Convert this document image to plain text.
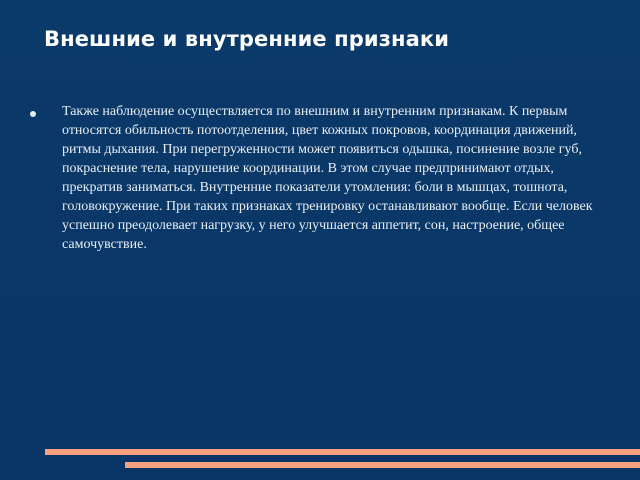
Внешние и внутренние признаки
Также наблюдение осуществляется по внешним и внутренним признакам. К первым относятся обильность потоотделения, цвет кожных покровов, координация движений, ритмы дыхания. При перегруженности может появиться одышка, посинение возле губ, покраснение тела, нарушение координации. В этом случае предпринимают отдых, прекратив заниматься. Внутренние показатели утомления: боли в мышцах, тошнота, головокружение. При таких признаках тренировку останавливают вообще. Если человек успешно преодолевает нагрузку, у него улучшается аппетит, сон, настроение, общее самочувствие.
